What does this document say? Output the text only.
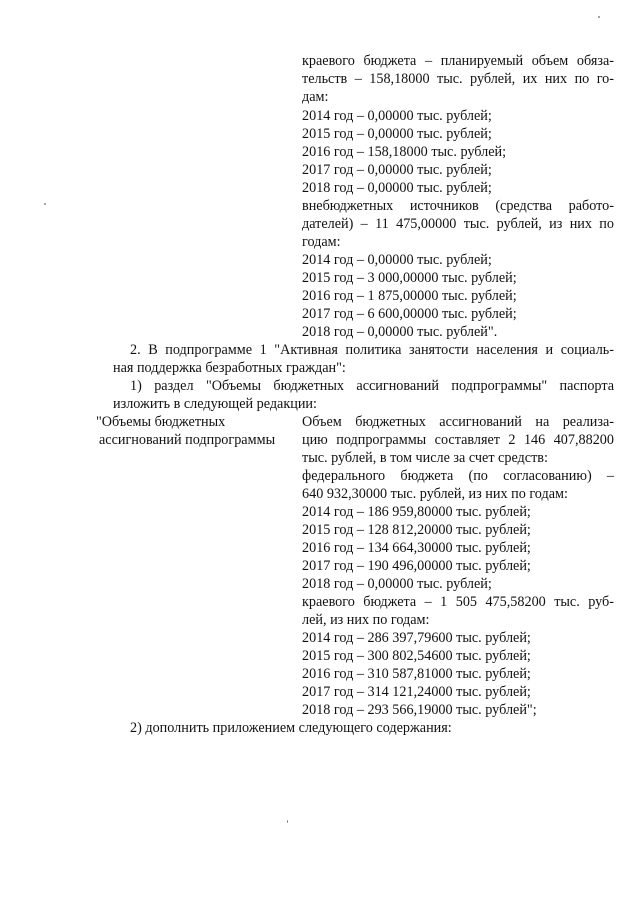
краевого бюджета – планируемый объем обяза-
тельств – 158,18000 тыс. рублей, их них по го-
дам:
2014 год – 0,00000 тыс. рублей;
2015 год – 0,00000 тыс. рублей;
2016 год – 158,18000 тыс. рублей;
2017 год – 0,00000 тыс. рублей;
2018 год – 0,00000 тыс. рублей;
внебюджетных источников (средства работо-
дателей) – 11 475,00000 тыс. рублей, из них по
годам:
2014 год – 0,00000 тыс. рублей;
2015 год – 3 000,00000 тыс. рублей;
2016 год – 1 875,00000 тыс. рублей;
2017 год – 6 600,00000 тыс. рублей;
2018 год – 0,00000 тыс. рублей".
2. В подпрограмме 1 "Активная политика занятости населения и социаль-
ная поддержка безработных граждан":
1) раздел "Объемы бюджетных ассигнований подпрограммы" паспорта
изложить в следующей редакции:
"Объемы бюджетных
ассигнований подпрограммы
Объем бюджетных ассигнований на реализа-
цию подпрограммы составляет 2 146 407,88200
тыс. рублей, в том числе за счет средств:
федерального бюджета (по согласованию) –
640 932,30000 тыс. рублей, из них по годам:
2014 год – 186 959,80000 тыс. рублей;
2015 год – 128 812,20000 тыс. рублей;
2016 год – 134 664,30000 тыс. рублей;
2017 год – 190 496,00000 тыс. рублей;
2018 год – 0,00000 тыс. рублей;
краевого бюджета – 1 505 475,58200 тыс. руб-
лей, из них по годам:
2014 год – 286 397,79600 тыс. рублей;
2015 год – 300 802,54600 тыс. рублей;
2016 год – 310 587,81000 тыс. рублей;
2017 год – 314 121,24000 тыс. рублей;
2018 год – 293 566,19000 тыс. рублей";
2) дополнить приложением следующего содержания:
